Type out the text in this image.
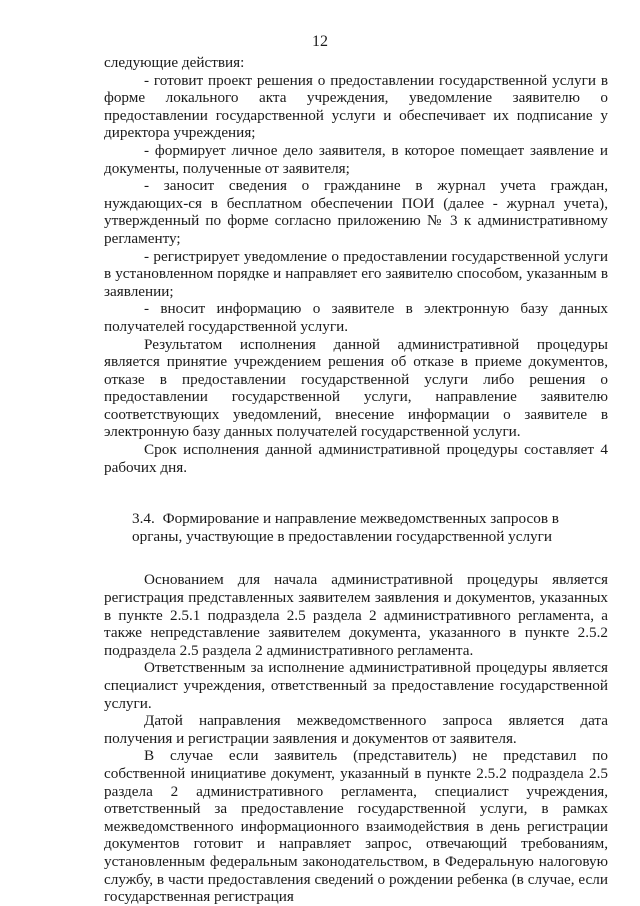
12

следующие действия:

- готовит проект решения о предоставлении государственной услуги в форме локального акта учреждения, уведомление заявителю о предоставлении государственной услуги и обеспечивает их подписание у директора учреждения;

- формирует личное дело заявителя, в которое помещает заявление и документы, полученные от заявителя;

- заносит сведения о гражданине в журнал учета граждан, нуждающих-ся в бесплатном обеспечении ПОИ (далее - журнал учета), утвержденный по форме согласно приложению № 3 к административному регламенту;

- регистрирует уведомление о предоставлении государственной услуги в установленном порядке и направляет его заявителю способом, указанным в заявлении;

- вносит информацию о заявителе в электронную базу данных получателей государственной услуги.

Результатом исполнения данной административной процедуры является принятие учреждением решения об отказе в приеме документов, отказе в предоставлении государственной услуги либо решения о предоставлении государственной услуги, направление заявителю соответствующих уведомлений, внесение информации о заявителе в электронную базу данных получателей государственной услуги.

Срок исполнения данной административной процедуры составляет 4 рабочих дня.

3.4. Формирование и направление межведомственных запросов в органы, участвующие в предоставлении государственной услуги

Основанием для начала административной процедуры является регистрация представленных заявителем заявления и документов, указанных в пункте 2.5.1 подраздела 2.5 раздела 2 административного регламента, а также непредставление заявителем документа, указанного в пункте 2.5.2 подраздела 2.5 раздела 2 административного регламента.

Ответственным за исполнение административной процедуры является специалист учреждения, ответственный за предоставление государственной услуги.

Датой направления межведомственного запроса является дата получения и регистрации заявления и документов от заявителя.

В случае если заявитель (представитель) не представил по собственной инициативе документ, указанный в пункте 2.5.2 подраздела 2.5 раздела 2 административного регламента, специалист учреждения, ответственный за предоставление государственной услуги, в рамках межведомственного информационного взаимодействия в день регистрации документов готовит и направляет запрос, отвечающий требованиям, установленным федеральным законодательством, в Федеральную налоговую службу, в части предоставления сведений о рождении ребенка (в случае, если государственная регистрация
